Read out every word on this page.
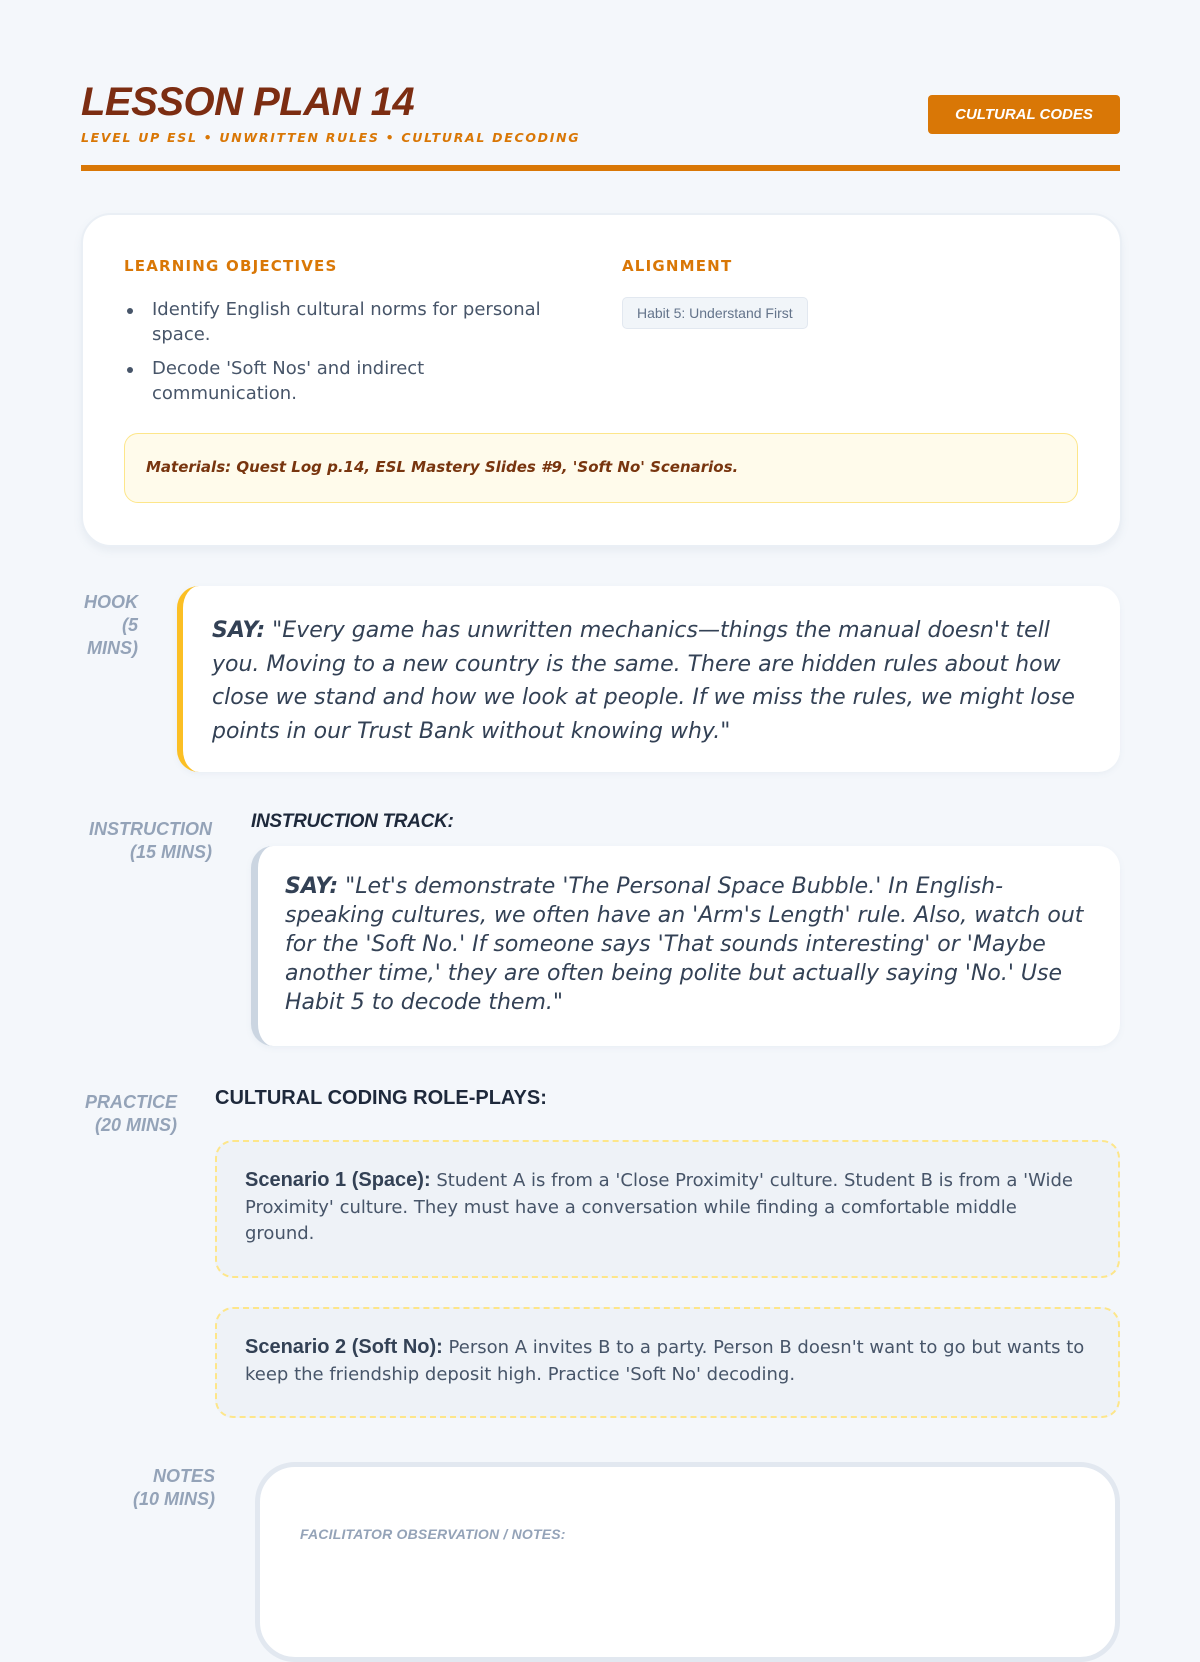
LESSON PLAN 14
LEVEL UP ESL • UNWRITTEN RULES • CULTURAL DECODING
CULTURAL CODES
LEARNING OBJECTIVES
Identify English cultural norms for personal space.
Decode 'Soft Nos' and indirect communication.
ALIGNMENT
Habit 5: Understand First
Materials: Quest Log p.14, ESL Mastery Slides #9, 'Soft No' Scenarios.
HOOK
(5
MINS)

SAY: "Every game has unwritten mechanics—things the manual doesn't tell you. Moving to a new country is the same. There are hidden rules about how close we stand and how we look at people. If we miss the rules, we might lose points in our Trust Bank without knowing why."

INSTRUCTION
(15 MINS)
INSTRUCTION TRACK:

SAY: "Let's demonstrate 'The Personal Space Bubble.' In English-speaking cultures, we often have an 'Arm's Length' rule. Also, watch out for the 'Soft No.' If someone says 'That sounds interesting' or 'Maybe another time,' they are often being polite but actually saying 'No.' Use Habit 5 to decode them."

PRACTICE
(20 MINS)
CULTURAL CODING ROLE-PLAYS:

Scenario 1 (Space): Student A is from a 'Close Proximity' culture. Student B is from a 'Wide Proximity' culture. They must have a conversation while finding a comfortable middle ground.

Scenario 2 (Soft No): Person A invites B to a party. Person B doesn't want to go but wants to keep the friendship deposit high. Practice 'Soft No' decoding.

NOTES
(10 MINS)
FACILITATOR OBSERVATION / NOTES:
